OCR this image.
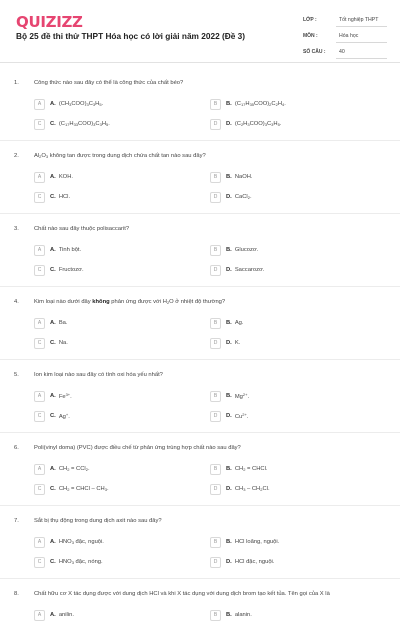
QUIZIZZ
Bộ 25 đề thi thử THPT Hóa học có lời giải năm 2022 (Đề 3)
LỚP :	Tốt nghiệp THPT
MÔN :	Hóa học
SỐ CÂU :	40
1.	Công thức nào sau đây có thể là công thức của chất béo?
A	A. $(CH_3COO)_3C_3H_5$.	B	B. $(C_{17}H_{35}COO)_2C_2H_4$.
C	C. $(C_{17}H_{33}COO)_3C_3H_5$.	D	D. $(C_2H_3COO)_3C_3H_5$.
2.	$Al_2O_3$ không tan được trong dung dịch chứa chất tan nào sau đây?
A	A. KOH.	B	B. NaOH.
C	C. HCl.	D	D. CaCl$_2$.
3.	Chất nào sau đây thuộc polisaccarit?
A	A. Tinh bột.	B	B. Glucozơ.
C	C. Fructozơ.	D	D. Saccarozơ.
4.	Kim loại nào dưới đây không phản ứng được với $H_2O$ ở nhiệt độ thường?
A	A. Ba.	B	B. Ag.
C	C. Na.	D	D. K.
5.	Ion kim loại nào sau đây có tính oxi hóa yếu nhất?
A	A. $Fe^{3+}$.	B	B. $Mg^{2+}$.
C	C. Ag+.	D	D. $Cu^{2+}$.
6.	Poli(vinyl doma) (PVC) được điều chế từ phản ứng trùng hợp chất nào sau đây?
A	A. $CH_2 = CCl_2$.	B	B. $CH_2$ = CHCl.
C	C. $CH_2$ = CHCl – $CH_3$.	D	D. $CH_3 - CH_2Cl$.
7.	Sắt bị thụ động trong dung dịch axit nào sau đây?
A	A. $HNO_3$ đặc, nguội.	B	B. HCl loãng, nguội.
C	C. $HNO_3$ đặc, nóng.	D	D. HCl đặc, nguội.
8.	Chất hữu cơ X tác dụng được với dung dịch HCl và khi X tác dụng với dung dịch brom tạo kết tủa. Tên gọi của X là
A	A. anilin.	B	B. alanin.
